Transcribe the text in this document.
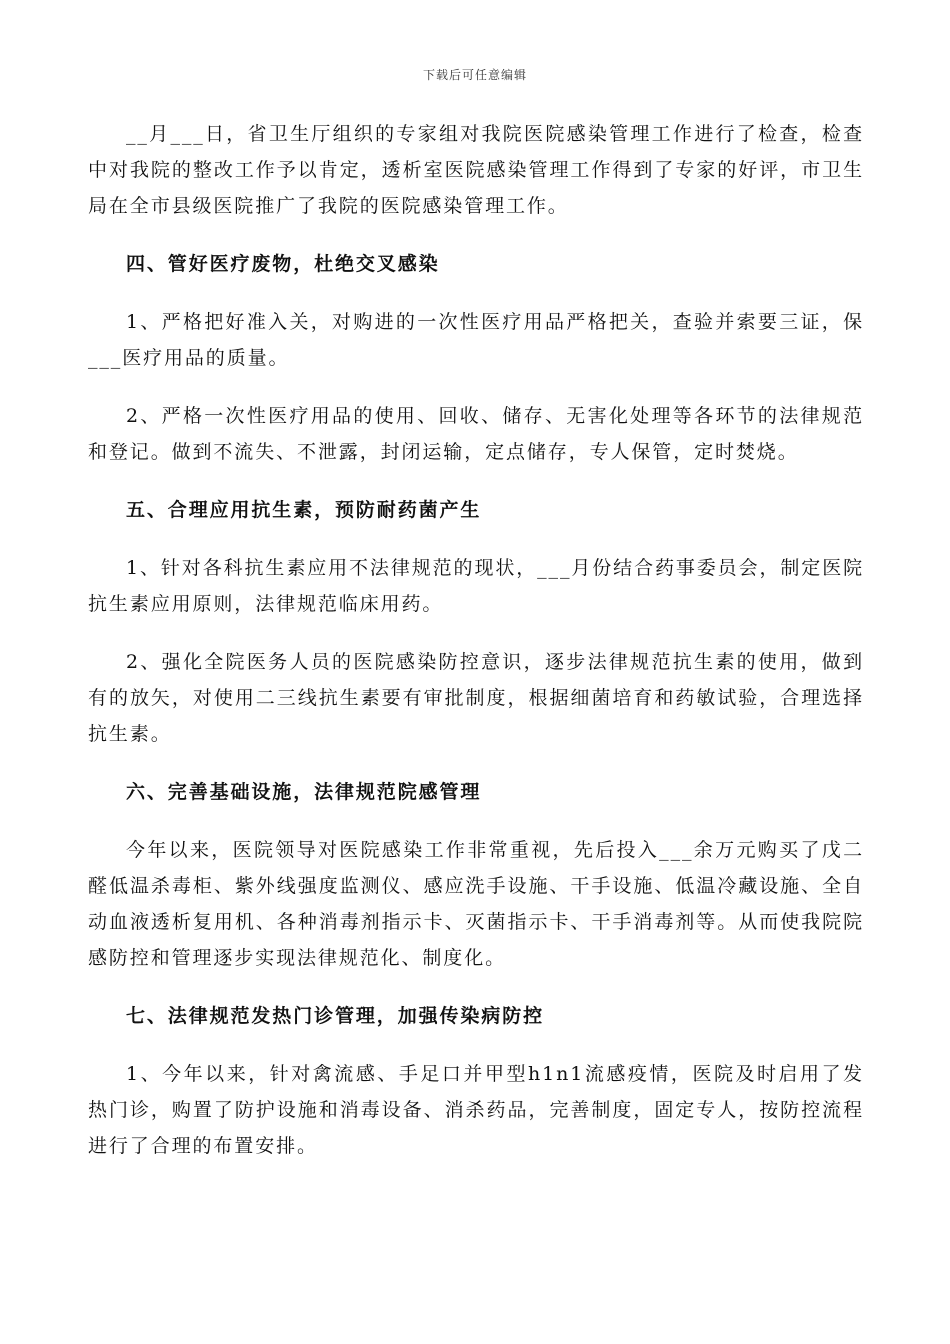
下载后可任意编辑

__月___日，省卫生厅组织的专家组对我院医院感染管理工作进行了检查，检查中对我院的整改工作予以肯定，透析室医院感染管理工作得到了专家的好评，市卫生局在全市县级医院推广了我院的医院感染管理工作。

四、管好医疗废物，杜绝交叉感染

1、严格把好准入关，对购进的一次性医疗用品严格把关，查验并索要三证，保___医疗用品的质量。

2、严格一次性医疗用品的使用、回收、储存、无害化处理等各环节的法律规范和登记。做到不流失、不泄露，封闭运输，定点储存，专人保管，定时焚烧。

五、合理应用抗生素，预防耐药菌产生

1、针对各科抗生素应用不法律规范的现状，___月份结合药事委员会，制定医院抗生素应用原则，法律规范临床用药。

2、强化全院医务人员的医院感染防控意识，逐步法律规范抗生素的使用，做到有的放矢，对使用二三线抗生素要有审批制度，根据细菌培育和药敏试验，合理选择抗生素。

六、完善基础设施，法律规范院感管理

今年以来，医院领导对医院感染工作非常重视，先后投入___余万元购买了戊二醛低温杀毒柜、紫外线强度监测仪、感应洗手设施、干手设施、低温冷藏设施、全自动血液透析复用机、各种消毒剂指示卡、灭菌指示卡、干手消毒剂等。从而使我院院感防控和管理逐步实现法律规范化、制度化。

七、法律规范发热门诊管理，加强传染病防控

1、今年以来，针对禽流感、手足口并甲型h1n1流感疫情，医院及时启用了发热门诊，购置了防护设施和消毒设备、消杀药品，完善制度，固定专人，按防控流程进行了合理的布置安排。
